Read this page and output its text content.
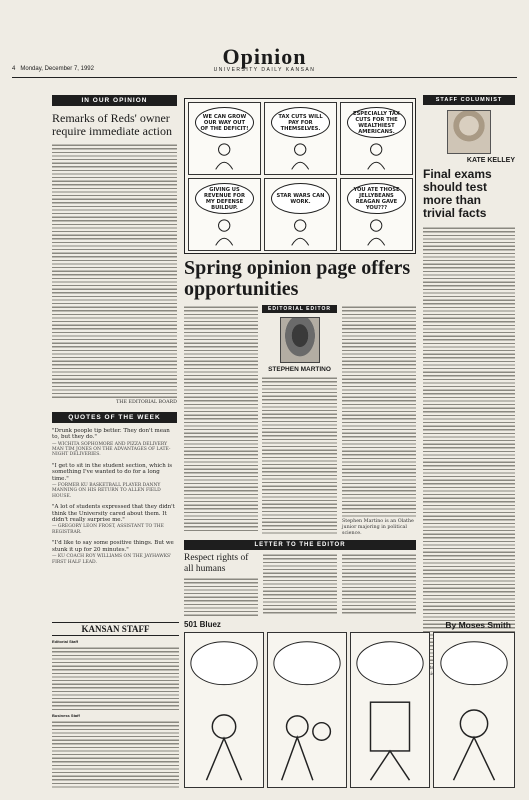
4 Monday, December 7, 1992	Opinion
UNIVERSITY DAILY KANSAN
IN OUR OPINION
Remarks of Reds' owner require immediate action
THE EDITORIAL BOARD
QUOTES OF THE WEEK
"Drunk people tip better. They don't mean to, but they do."
— WICHITA SOPHOMORE AND PIZZA DELIVERY MAN TIM JONES ON THE ADVANTAGES OF LATE-NIGHT DELIVERIES.
"I get to sit in the student section, which is something I've wanted to do for a long time."
— FORMER KU BASKETBALL PLAYER DANNY MANNING ON HIS RETURN TO ALLEN FIELD HOUSE.
"A lot of students expressed that they didn't think the University cared about them. It didn't really surprise me."
— GREGORY LEON FROST, ASSISTANT TO THE REGISTRAR.
"I'd like to say some positive things. But we stunk it up for 20 minutes."
— KU COACH ROY WILLIAMS ON THE JAYHAWKS' FIRST HALF LEAD.
WE CAN GROW OUR WAY OUT OF THE DEFICIT!
TAX CUTS WILL PAY FOR THEMSELVES.
ESPECIALLY TAX CUTS FOR THE WEALTHIEST AMERICANS.
GIVING US REVENUE FOR MY DEFENSE BUILDUP.
STAR WARS CAN WORK.
YOU ATE THOSE JELLYBEANS REAGAN GAVE YOU???
STAFF COLUMNIST
KATE KELLEY
Final exams should test more than trivial facts
junior
Spring opinion page offers opportunities
EDITORIAL EDITOR
STEPHEN MARTINO
Stephen Martino is an Olathe junior majoring in political science.
LETTER TO THE EDITOR
Respect rights of all humans
501 Bluez	By Moses Smith
KANSAN STAFF
Editorial Staff
Business Staff
